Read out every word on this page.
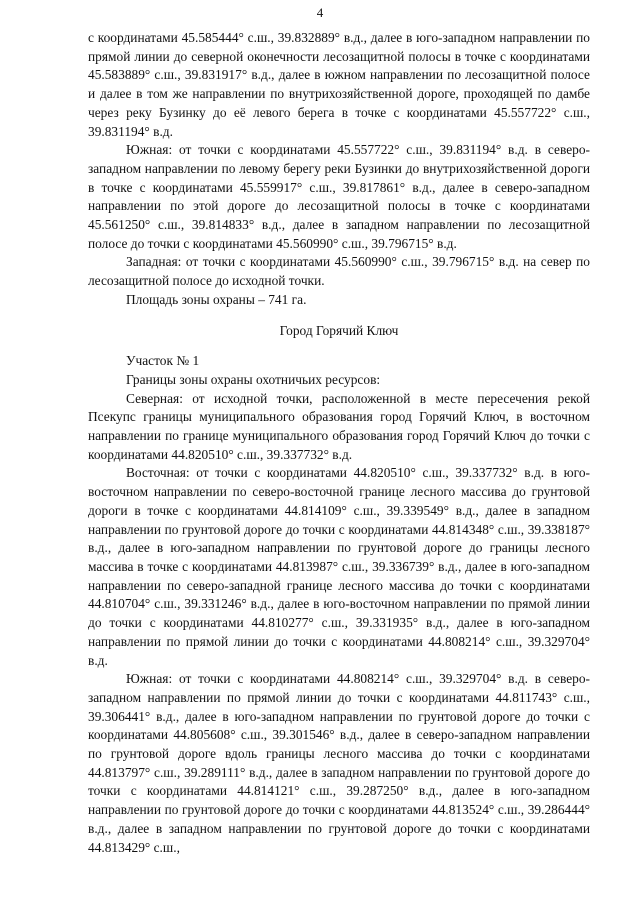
4

с координатами 45.585444° с.ш., 39.832889° в.д., далее в юго-западном направлении по прямой линии до северной оконечности лесозащитной полосы в точке с координатами 45.583889° с.ш., 39.831917° в.д., далее в южном направлении по лесозащитной полосе и далее в том же направлении по внутрихозяйственной дороге, проходящей по дамбе через реку Бузинку до её левого берега в точке с координатами 45.557722° с.ш., 39.831194° в.д.

Южная: от точки с координатами 45.557722° с.ш., 39.831194° в.д. в северо-западном направлении по левому берегу реки Бузинки до внутрихозяйственной дороги в точке с координатами 45.559917° с.ш., 39.817861° в.д., далее в северо-западном направлении по этой дороге до лесозащитной полосы в точке с координатами 45.561250° с.ш., 39.814833° в.д., далее в западном направлении по лесозащитной полосе до точки с координатами 45.560990° с.ш., 39.796715° в.д.

Западная: от точки с координатами 45.560990° с.ш., 39.796715° в.д. на север по лесозащитной полосе до исходной точки.

Площадь зоны охраны – 741 га.

Город Горячий Ключ

Участок № 1

Границы зоны охраны охотничьих ресурсов:

Северная: от исходной точки, расположенной в месте пересечения рекой Псекупс границы муниципального образования город Горячий Ключ, в восточном направлении по границе муниципального образования город Горячий Ключ до точки с координатами 44.820510° с.ш., 39.337732° в.д.

Восточная: от точки с координатами 44.820510° с.ш., 39.337732° в.д. в юго-восточном направлении по северо-восточной границе лесного массива до грунтовой дороги в точке с координатами 44.814109° с.ш., 39.339549° в.д., далее в западном направлении по грунтовой дороге до точки с координатами 44.814348° с.ш., 39.338187° в.д., далее в юго-западном направлении по грунтовой дороге до границы лесного массива в точке с координатами 44.813987° с.ш., 39.336739° в.д., далее в юго-западном направлении по северо-западной границе лесного массива до точки с координатами 44.810704° с.ш., 39.331246° в.д., далее в юго-восточном направлении по прямой линии до точки с координатами 44.810277° с.ш., 39.331935° в.д., далее в юго-западном направлении по прямой линии до точки с координатами 44.808214° с.ш., 39.329704° в.д.

Южная: от точки с координатами 44.808214° с.ш., 39.329704° в.д. в северо-западном направлении по прямой линии до точки с координатами 44.811743° с.ш., 39.306441° в.д., далее в юго-западном направлении по грунтовой дороге до точки с координатами 44.805608° с.ш., 39.301546° в.д., далее в северо-западном направлении по грунтовой дороге вдоль границы лесного массива до точки с координатами 44.813797° с.ш., 39.289111° в.д., далее в западном направлении по грунтовой дороге до точки с координатами 44.814121° с.ш., 39.287250° в.д., далее в юго-западном направлении по грунтовой дороге до точки с координатами 44.813524° с.ш., 39.286444° в.д., далее в западном направлении по грунтовой дороге до точки с координатами 44.813429° с.ш.,
